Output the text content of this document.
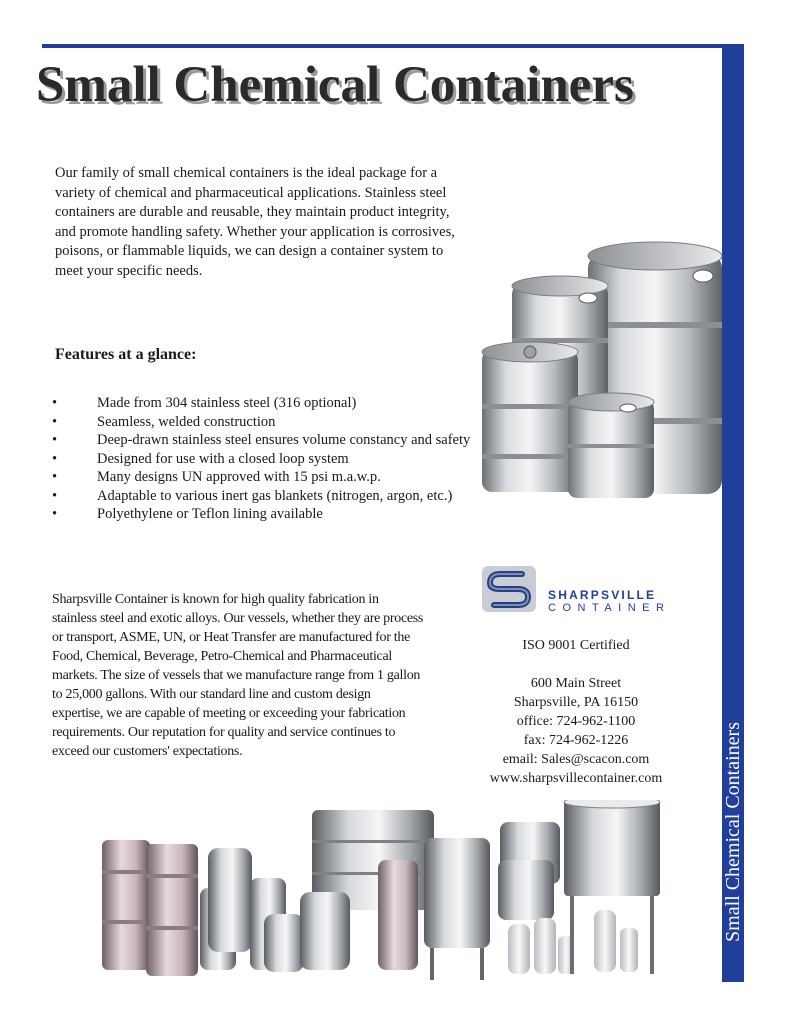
Small Chemical Containers
Small Chemical Containers

Our family of small chemical containers is the ideal package for a variety of chemical and pharmaceutical applications. Stainless steel containers are durable and reusable, they maintain product integrity, and promote handling safety. Whether your application is corrosives, poisons, or flammable liquids, we can design a container system to meet your specific needs.

Features at a glance:
• Made from 304 stainless steel (316 optional)
• Seamless, welded construction
• Deep-drawn stainless steel ensures volume constancy and safety
• Designed for use with a closed loop system
• Many designs UN approved with 15 psi m.a.w.p.
• Adaptable to various inert gas blankets (nitrogen, argon, etc.)
• Polyethylene or Teflon lining available

Sharpsville Container is known for high quality fabrication in stainless steel and exotic alloys. Our vessels, whether they are process or transport, ASME, UN, or Heat Transfer are manufactured for the Food, Chemical, Beverage, Petro-Chemical and Pharmaceutical markets. The size of vessels that we manufacture range from 1 gallon to 25,000 gallons. With our standard line and custom design expertise, we are capable of meeting or exceeding your fabrication requirements. Our reputation for quality and service continues to exceed our customers' expectations.

SHARPSVILLE
CONTAINER
ISO 9001 Certified
600 Main Street
Sharpsville, PA 16150
office: 724-962-1100
fax: 724-962-1226
email: Sales@scacon.com
www.sharpsvillecontainer.com
